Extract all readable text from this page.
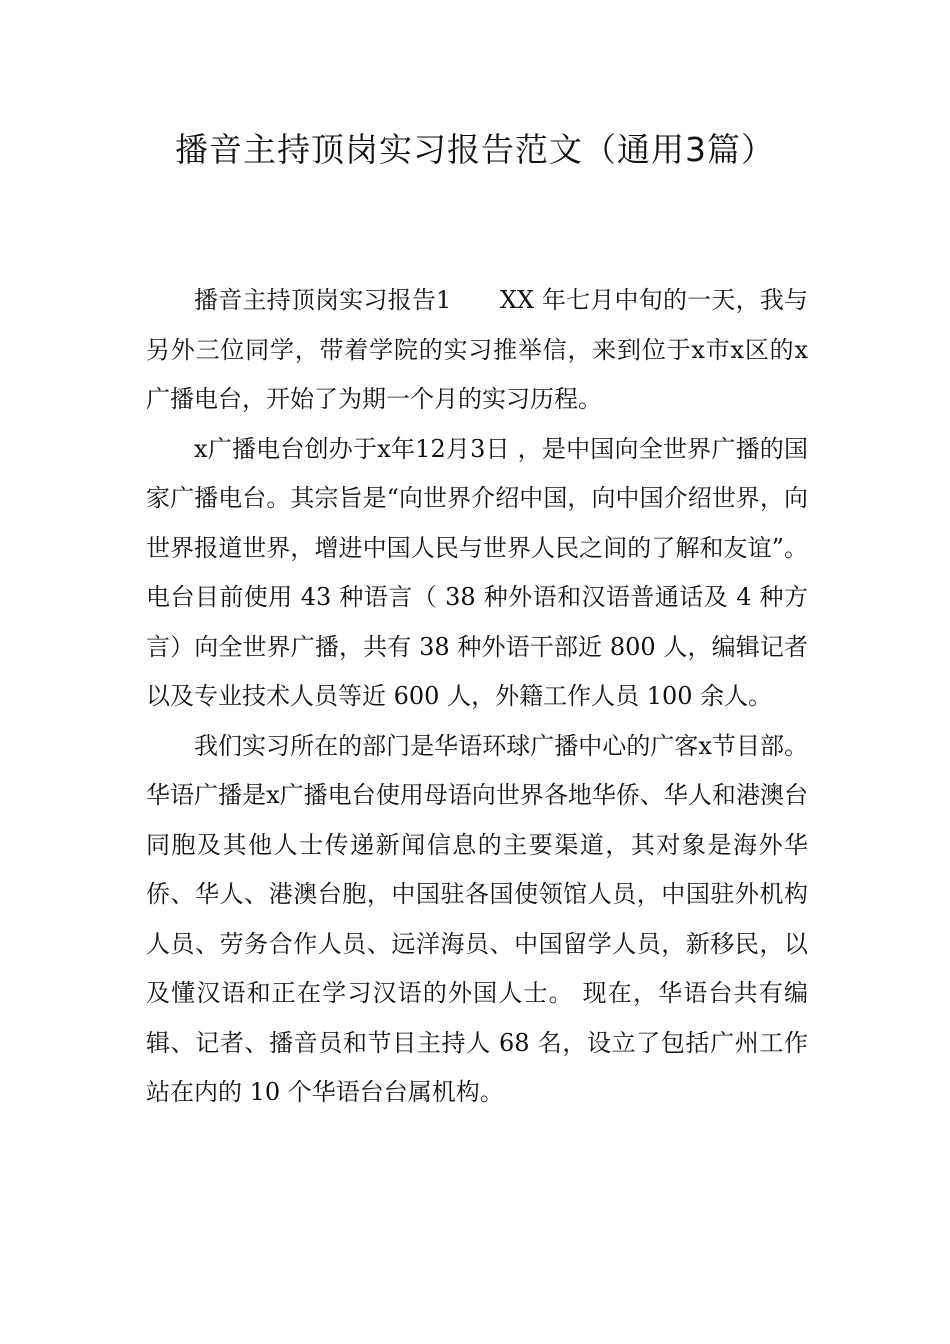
播音主持顶岗实习报告范文（通用3篇）

播音主持顶岗实习报告1　　XX 年七月中旬的一天，我与另外三位同学，带着学院的实习推举信，来到位于x市x区的x广播电台，开始了为期一个月的实习历程。

x广播电台创办于x年12月3日 ，是中国向全世界广播的国家广播电台。其宗旨是“向世界介绍中国，向中国介绍世界，向世界报道世界，增进中国人民与世界人民之间的了解和友谊”。电台目前使用 43 种语言（ 38 种外语和汉语普通话及 4 种方言）向全世界广播，共有 38 种外语干部近 800 人，编辑记者以及专业技术人员等近 600 人，外籍工作人员 100 余人。

我们实习所在的部门是华语环球广播中心的广客x节目部。 华语广播是x广播电台使用母语向世界各地华侨、华人和港澳台同胞及其他人士传递新闻信息的主要渠道，其对象是海外华侨、华人、港澳台胞，中国驻各国使领馆人员，中国驻外机构人员、劳务合作人员、远洋海员、中国留学人员，新移民，以及懂汉语和正在学习汉语的外国人士。 现在，华语台共有编辑、记者、播音员和节目主持人 68 名，设立了包括广州工作站在内的 10 个华语台台属机构。
